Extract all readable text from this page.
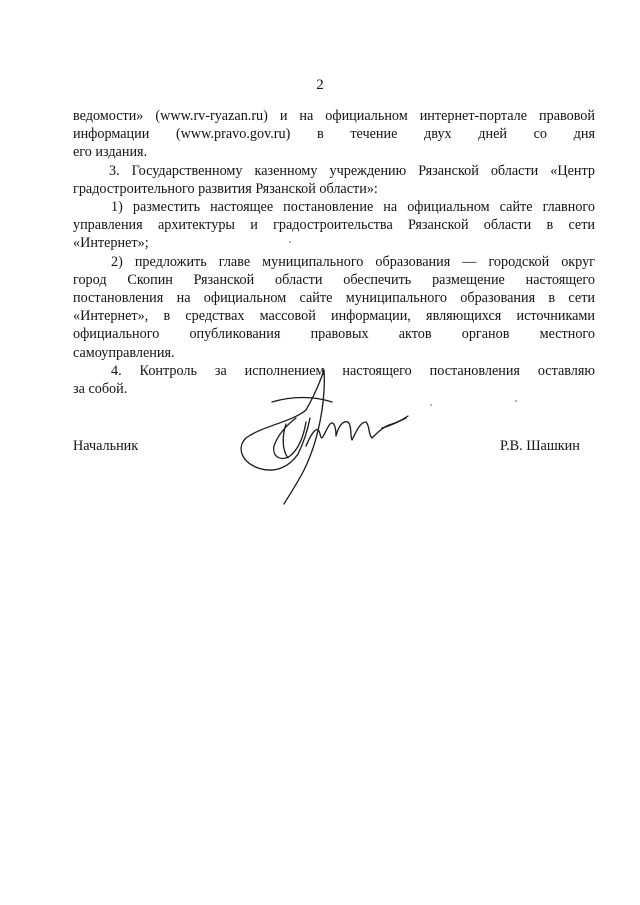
2

ведомости» (www.rv-ryazan.ru) и на официальном интернет-портале правовой

информации (www.pravo.gov.ru) в течение двух дней со дня

его издания.

3. Государственному казенному учреждению Рязанской области «Центр

градостроительного развития Рязанской области»:

1) разместить настоящее постановление на официальном сайте главного

управления архитектуры и градостроительства Рязанской области в сети

«Интернет»;

2) предложить главе муниципального образования — городской округ

город Скопин Рязанской области обеспечить размещение настоящего

постановления на официальном сайте муниципального образования в сети

«Интернет», в средствах массовой информации, являющихся источниками

официального опубликования правовых актов органов местного

самоуправления.

4. Контроль за исполнением настоящего постановления оставляю

за собой.

Начальник	Р.В. Шашкин
